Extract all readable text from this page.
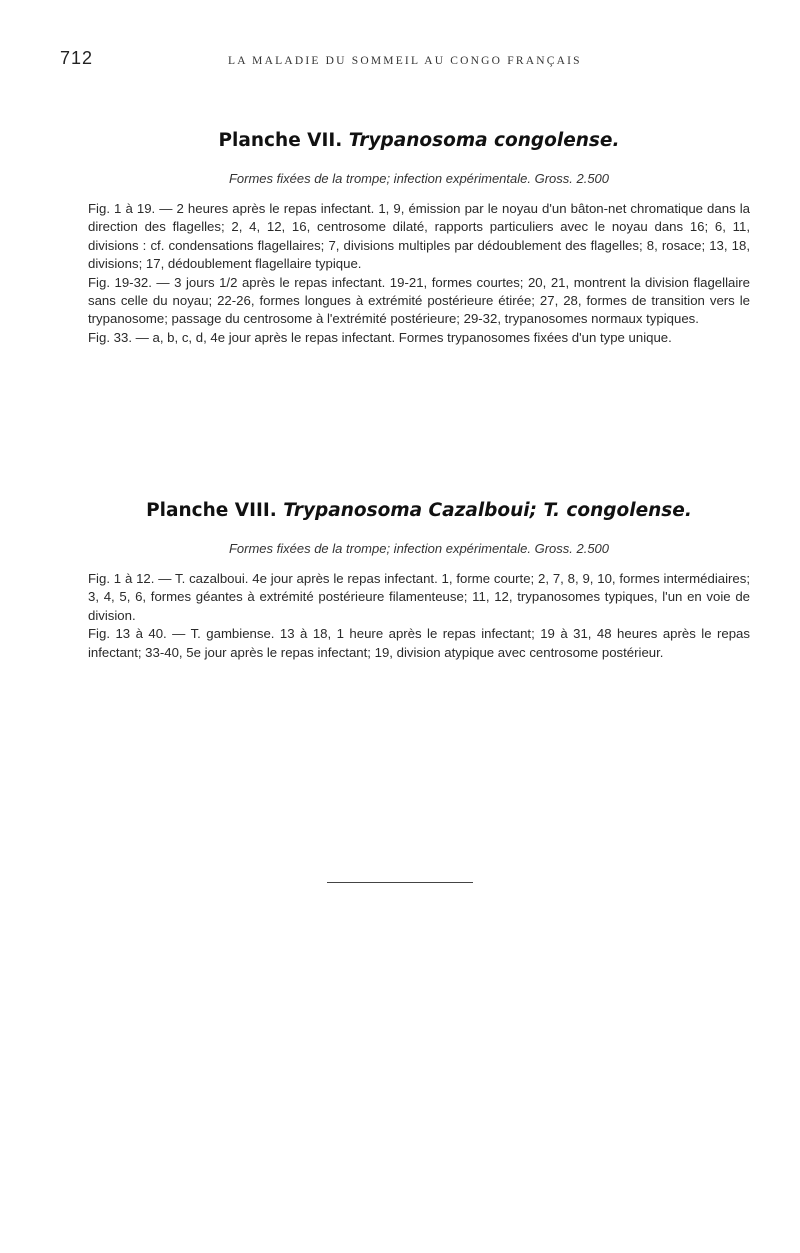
712	LA MALADIE DU SOMMEIL AU CONGO FRANÇAIS
Planche VII. Trypanosoma congolense.

Formes fixées de la trompe; infection expérimentale. Gross. 2.500

Fig. 1 à 19. — 2 heures après le repas infectant. 1, 9, émission par le noyau d'un bâton-net chromatique dans la direction des flagelles; 2, 4, 12, 16, centrosome dilaté, rapports particuliers avec le noyau dans 16; 6, 11, divisions : cf. condensations flagellaires; 7, divisions multiples par dédoublement des flagelles; 8, rosace; 13, 18, divisions; 17, dédoublement flagellaire typique.

Fig. 19-32. — 3 jours 1/2 après le repas infectant. 19-21, formes courtes; 20, 21, montrent la division flagellaire sans celle du noyau; 22-26, formes longues à extrémité postérieure étirée; 27, 28, formes de transition vers le trypanosome; passage du centrosome à l'extrémité postérieure; 29-32, trypanosomes normaux typiques.

Fig. 33. — a, b, c, d, 4e jour après le repas infectant. Formes trypanosomes fixées d'un type unique.

Planche VIII. Trypanosoma Cazalboui; T. congolense.

Formes fixées de la trompe; infection expérimentale. Gross. 2.500

Fig. 1 à 12. — T. cazalboui. 4e jour après le repas infectant. 1, forme courte; 2, 7, 8, 9, 10, formes intermédiaires; 3, 4, 5, 6, formes géantes à extrémité postérieure filamenteuse; 11, 12, trypanosomes typiques, l'un en voie de division.

Fig. 13 à 40. — T. gambiense. 13 à 18, 1 heure après le repas infectant; 19 à 31, 48 heures après le repas infectant; 33-40, 5e jour après le repas infectant; 19, division atypique avec centrosome postérieur.
